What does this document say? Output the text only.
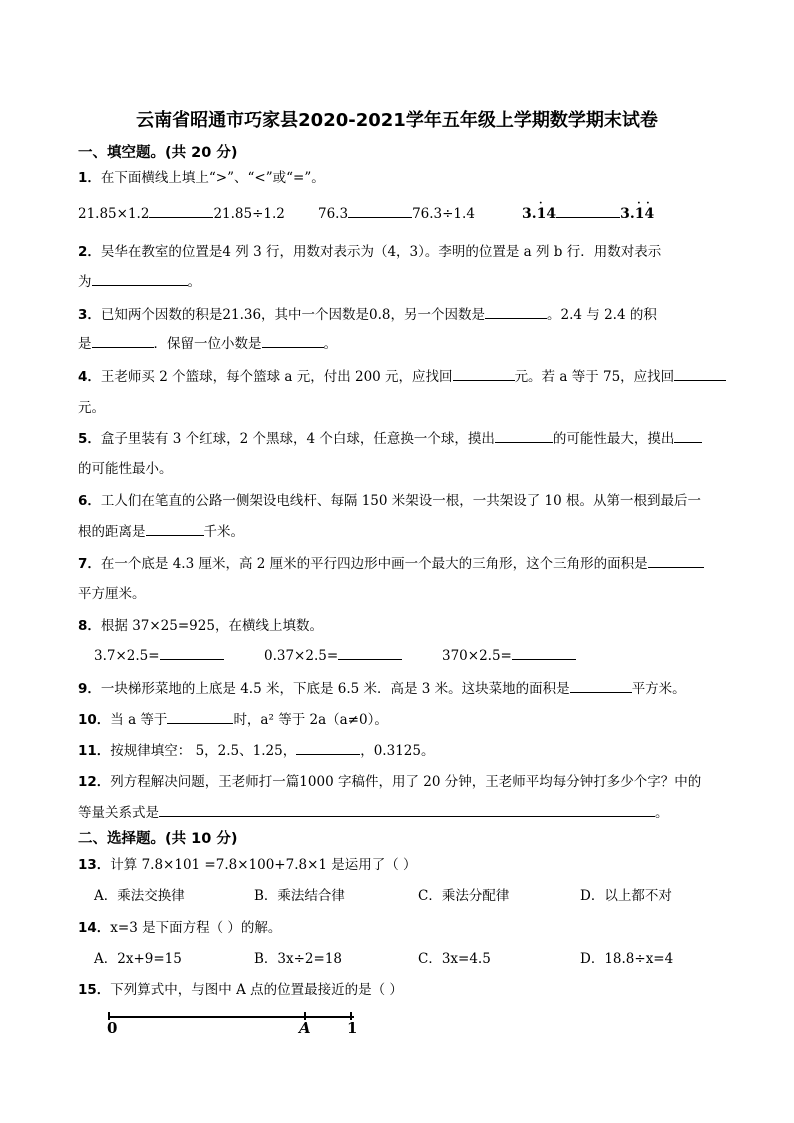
云南省昭通市巧家县2020-2021学年五年级上学期数学期末试卷
一、填空题。(共 20 分)
1．在下面横线上填上“>”、“<”或“=”。
21.85×1.2	21.85÷1.2 76.3	76.3÷1.4	3.14
·
3.14
· ·
2．吴华在教室的位置是4 列 3 行，用数对表示为（4，3）。李明的位置是 a 列 b 行．用数对表示
为	。
3．已知两个因数的积是21.36，其中一个因数是0.8，另一个因数是	。2.4 与 2.4 的积
是	．保留一位小数是	。
4．王老师买 2 个篮球，每个篮球 a 元，付出 200 元，应找回	元。若 a 等于 75，应找回
元。
5．盒子里装有 3 个红球，2 个黑球，4 个白球，任意换一个球，摸出	的可能性最大，摸出
的可能性最小。
6．工人们在笔直的公路一侧架设电线杆、每隔 150 米架设一根，一共架设了 10 根。从第一根到最后一
根的距离是	千米。
7．在一个底是 4.3 厘米，高 2 厘米的平行四边形中画一个最大的三角形，这个三角形的面积是
平方厘米。
8．根据 37×25=925，在横线上填数。
3.7×2.5=	0.37×2.5=	370×2.5=
9．一块梯形菜地的上底是 4.5 米，下底是 6.5 米．高是 3 米。这块菜地的面积是	平方米。
10．当 a 等于	时，a² 等于 2a（a≠0）。
11．按规律填空： 5，2.5、1.25，	，0.3125。
12．列方程解决问题，王老师打一篇1000 字稿件，用了 20 分钟，王老师平均每分钟打多少个字？中的
等量关系式是	。
二、选择题。(共 10 分)
13．计算 7.8×101 =7.8×100+7.8×1 是运用了（ ）
A．乘法交换律	B．乘法结合律	C．乘法分配律	D．以上都不对
14．x=3 是下面方程（ ）的解。
A．2x+9=15	B．3x÷2=18	C．3x=4.5	D．18.8÷x=4
15．下列算式中，与图中 A 点的位置最接近的是（ ）
0	A 1
